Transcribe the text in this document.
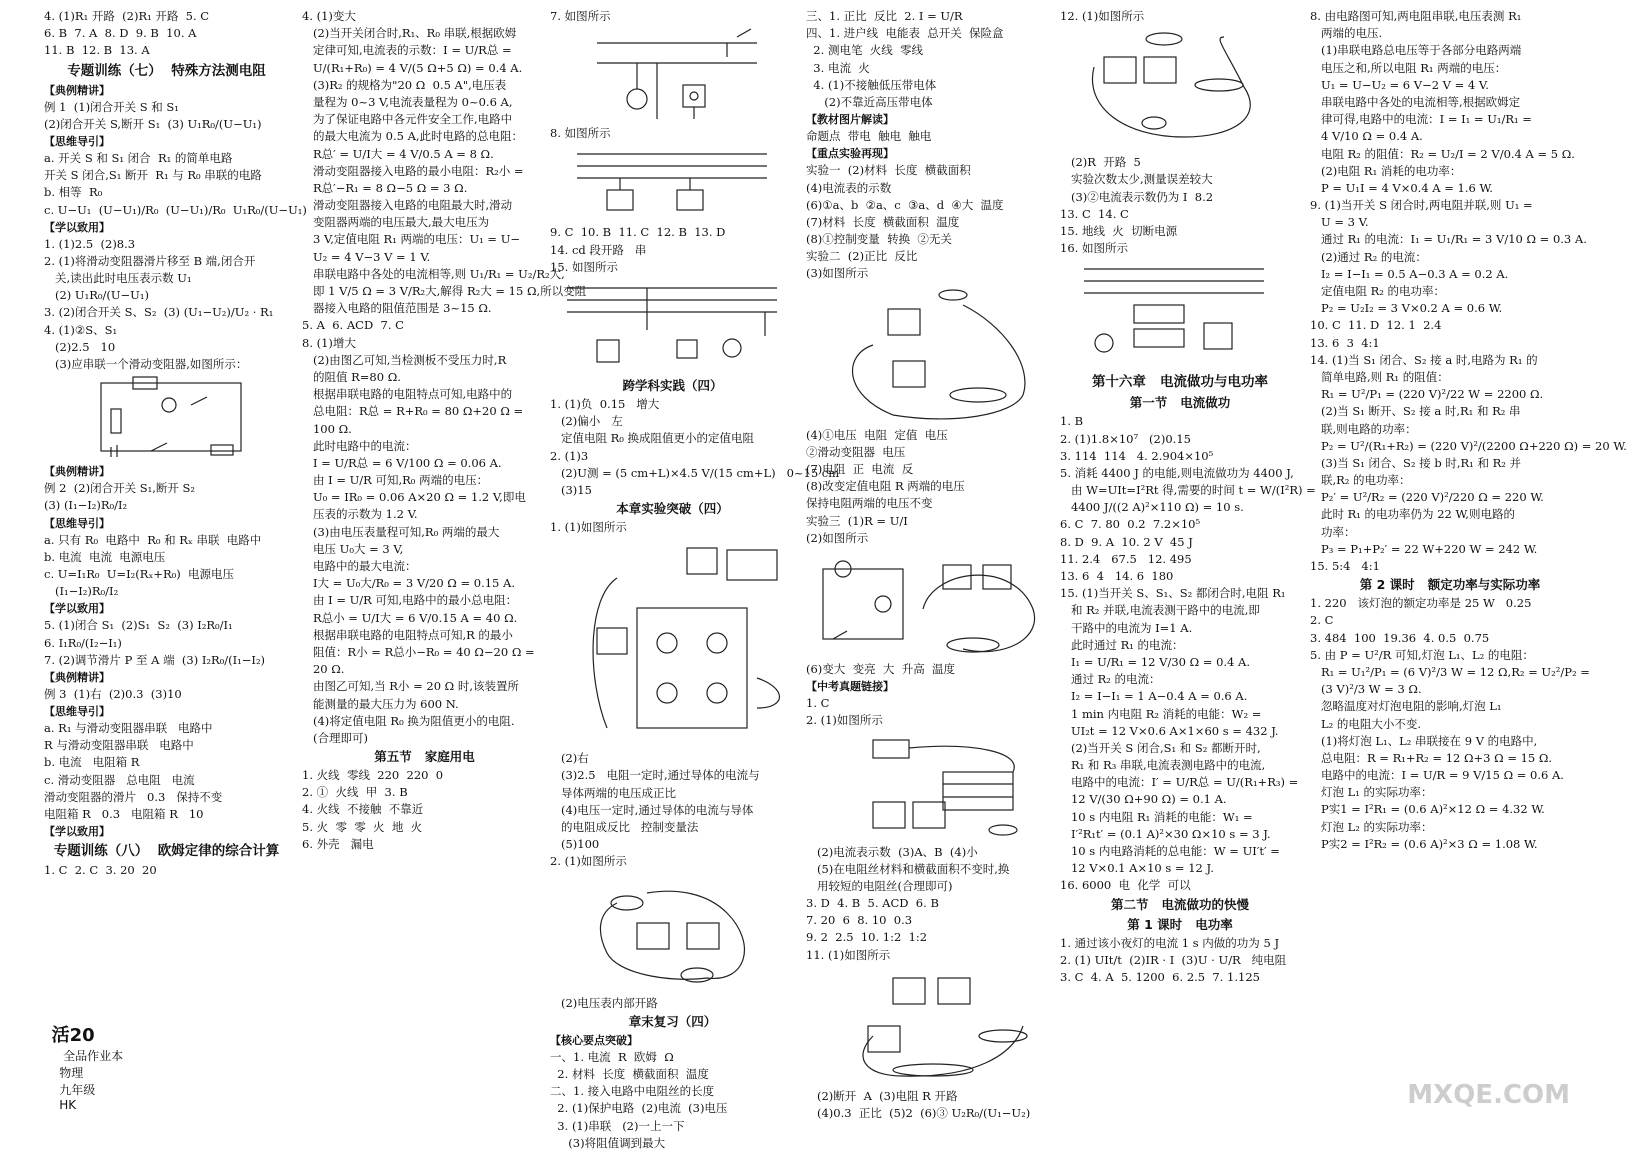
4. (1)R₁ 开路  (2)R₁ 开路  5. C
6. B  7. A  8. D  9. B  10. A
11. B  12. B  13. A
专题训练（七）  特殊方法测电阻
【典例精讲】
例 1  (1)闭合开关 S 和 S₁
(2)闭合开关 S,断开 S₁  (3) U₁R₀/(U−U₁)
【思维导引】
a. 开关 S 和 S₁ 闭合  R₁ 的简单电路
开关 S 闭合,S₁ 断开  R₁ 与 R₀ 串联的电路
b. 相等  R₀
c. U−U₁  (U−U₁)/R₀  (U−U₁)/R₀  U₁R₀/(U−U₁)
【学以致用】
1. (1)2.5  (2)8.3
2. (1)将滑动变阻器滑片移至 B 端,闭合开
关,读出此时电压表示数 U₁
(2) U₁R₀/(U−U₁)
3. (2)闭合开关 S、S₂  (3) (U₁−U₂)/U₂ · R₁
4. (1)②S、S₁
(2)2.5   10
(3)应串联一个滑动变阻器,如图所示：
【典例精讲】
例 2  (2)闭合开关 S₁,断开 S₂
(3) (I₁−I₂)R₀/I₂
【思维导引】
a. 只有 R₀  电路中  R₀ 和 Rₓ 串联  电路中
b. 电流  电流  电源电压
c. U=I₁R₀  U=I₂(Rₓ+R₀)  电源电压
(I₁−I₂)R₀/I₂
【学以致用】
5. (1)闭合 S₁  (2)S₁  S₂  (3) I₂R₀/I₁
6. I₁R₀/(I₂−I₁)
7. (2)调节滑片 P 至 A 端  (3) I₂R₀/(I₁−I₂)
【典例精讲】
例 3  (1)右  (2)0.3  (3)10
【思维导引】
a. R₁ 与滑动变阻器串联   电路中
R 与滑动变阻器串联   电路中
b. 电流   电阻箱 R
c. 滑动变阻器   总电阻   电流
滑动变阻器的滑片   0.3   保持不变
电阻箱 R   0.3   电阻箱 R   10
【学以致用】
专题训练（八）  欧姆定律的综合计算
1. C  2. C  3. 20  20
4. (1)变大
(2)当开关闭合时,R₁、R₀ 串联,根据欧姆
定律可知,电流表的示数：I = U/R总 =
U/(R₁+R₀) = 4 V/(5 Ω+5 Ω) = 0.4 A.
(3)R₂ 的规格为"20 Ω  0.5 A",电压表
量程为 0~3 V,电流表量程为 0~0.6 A,
为了保证电路中各元件安全工作,电路中
的最大电流为 0.5 A,此时电路的总电阻：
R总′ = U/I大 = 4 V/0.5 A = 8 Ω.
滑动变阻器接入电路的最小电阻：R₂小 =
R总′−R₁ = 8 Ω−5 Ω = 3 Ω.
滑动变阻器接入电路的电阻最大时,滑动
变阻器两端的电压最大,最大电压为
3 V,定值电阻 R₁ 两端的电压：U₁ = U−
U₂ = 4 V−3 V = 1 V.
串联电路中各处的电流相等,则 U₁/R₁ = U₂/R₂大,
即 1 V/5 Ω = 3 V/R₂大,解得 R₂大 = 15 Ω,所以变阻
器接入电路的阻值范围是 3~15 Ω.
5. A  6. ACD  7. C
8. (1)增大
(2)由图乙可知,当检测板不受压力时,R
的阻值 R=80 Ω.
根据串联电路的电阻特点可知,电路中的
总电阻：R总 = R+R₀ = 80 Ω+20 Ω =
100 Ω.
此时电路中的电流：
I = U/R总 = 6 V/100 Ω = 0.06 A.
由 I = U/R 可知,R₀ 两端的电压：
U₀ = IR₀ = 0.06 A×20 Ω = 1.2 V,即电
压表的示数为 1.2 V.
(3)由电压表量程可知,R₀ 两端的最大
电压 U₀大 = 3 V,
电路中的最大电流：
I大 = U₀大/R₀ = 3 V/20 Ω = 0.15 A.
由 I = U/R 可知,电路中的最小总电阻：
R总小 = U/I大 = 6 V/0.15 A = 40 Ω.
根据串联电路的电阻特点可知,R 的最小
阻值：R小 = R总小−R₀ = 40 Ω−20 Ω =
20 Ω.
由图乙可知,当 R小 = 20 Ω 时,该装置所
能测量的最大压力为 600 N.
(4)将定值电阻 R₀ 换为阻值更小的电阻.
(合理即可)
第五节   家庭用电
1. 火线  零线  220  220  0
2. ①  火线  甲  3. B
4. 火线  不接触  不靠近
5. 火  零  零  火  地  火
6. 外壳   漏电
7. 如图所示
8. 如图所示
9. C  10. B  11. C  12. B  13. D
14. cd 段开路   串
15. 如图所示
跨学科实践（四）
1. (1)负  0.15   增大
(2)偏小   左
定值电阻 R₀ 换成阻值更小的定值电阻
2. (1)3
(2)U测 = (5 cm+L)×4.5 V/(15 cm+L)   0~15 cm
(3)15
本章实验突破（四）
1. (1)如图所示
(2)右
(3)2.5   电阻一定时,通过导体的电流与
导体两端的电压成正比
(4)电压一定时,通过导体的电流与导体
的电阻成反比   控制变量法
(5)100
2. (1)如图所示
(2)电压表内部开路
章末复习（四）
【核心要点突破】
一、1. 电流  R  欧姆  Ω
2. 材料  长度  横截面积  温度
二、1. 接入电路中电阻丝的长度
2. (1)保护电路  (2)电流  (3)电压
3. (1)串联   (2)一上一下
(3)将阻值调到最大
三、1. 正比  反比  2. I = U/R
四、1. 进户线  电能表  总开关  保险盒
2. 测电笔  火线  零线
3. 电流  火
4. (1)不接触低压带电体
(2)不靠近高压带电体
【教材图片解读】
命题点  带电  触电  触电
【重点实验再现】
实验一  (2)材料  长度  横截面积
(4)电流表的示数
(6)①a、b  ②a、c  ③a、d  ④大  温度
(7)材料  长度  横截面积  温度
(8)①控制变量  转换  ②无关
实验二  (2)正比  反比
(3)如图所示
(4)①电压  电阻  定值  电压
②滑动变阻器  电压
(7)电阻  正  电流  反
(8)改变定值电阻 R 两端的电压
保持电阻两端的电压不变
实验三  (1)R = U/I
(2)如图所示
(6)变大  变亮  大  升高  温度
【中考真题链接】
1. C
2. (1)如图所示
(2)电流表示数  (3)A、B  (4)小
(5)在电阻丝材料和横截面积不变时,换
用较短的电阻丝(合理即可)
3. D  4. B  5. ACD  6. B
7. 20  6  8. 10  0.3
9. 2  2.5  10. 1:2  1:2
11. (1)如图所示
(2)断开  A  (3)电阻 R 开路
(4)0.3  正比  (5)2  (6)③ U₂R₀/(U₁−U₂)
12. (1)如图所示
(2)R  开路  5
实验次数太少,测量误差较大
(3)②电流表示数仍为 I  8.2
13. C  14. C
15. 地线  火  切断电源
16. 如图所示
第十六章   电流做功与电功率
第一节   电流做功
1. B
2. (1)1.8×10⁷   (2)0.15
3. 114  114   4. 2.904×10⁵
5. 消耗 4400 J 的电能,则电流做功为 4400 J,
由 W=UIt=I²Rt 得,需要的时间 t = W/(I²R) =
4400 J/((2 A)²×110 Ω) = 10 s.
6. C  7. 80  0.2  7.2×10⁵
8. D  9. A  10. 2 V  45 J
11. 2.4   67.5   12. 495
13. 6  4   14. 6  180
15. (1)当开关 S、S₁、S₂ 都闭合时,电阻 R₁
和 R₂ 并联,电流表测干路中的电流,即
干路中的电流为 I=1 A.
此时通过 R₁ 的电流：
I₁ = U/R₁ = 12 V/30 Ω = 0.4 A.
通过 R₂ 的电流：
I₂ = I−I₁ = 1 A−0.4 A = 0.6 A.
1 min 内电阻 R₂ 消耗的电能：W₂ =
UI₂t = 12 V×0.6 A×1×60 s = 432 J.
(2)当开关 S 闭合,S₁ 和 S₂ 都断开时,
R₁ 和 R₃ 串联,电流表测电路中的电流,
电路中的电流：I′ = U/R总 = U/(R₁+R₃) =
12 V/(30 Ω+90 Ω) = 0.1 A.
10 s 内电阻 R₁ 消耗的电能：W₁ =
I′²R₁t′ = (0.1 A)²×30 Ω×10 s = 3 J.
10 s 内电路消耗的总电能：W = UI′t′ =
12 V×0.1 A×10 s = 12 J.
16. 6000  电  化学  可以
第二节   电流做功的快慢
第 1 课时   电功率
1. 通过该小夜灯的电流 1 s 内做的功为 5 J
2. (1) UIt/t  (2)IR · I  (3)U · U/R   纯电阻
3. C  4. A  5. 1200  6. 2.5  7. 1.125
8. 由电路图可知,两电阻串联,电压表测 R₁
两端的电压.
(1)串联电路总电压等于各部分电路两端
电压之和,所以电阻 R₁ 两端的电压：
U₁ = U−U₂ = 6 V−2 V = 4 V.
串联电路中各处的电流相等,根据欧姆定
律可得,电路中的电流：I = I₁ = U₁/R₁ =
4 V/10 Ω = 0.4 A.
电阻 R₂ 的阻值：R₂ = U₂/I = 2 V/0.4 A = 5 Ω.
(2)电阻 R₁ 消耗的电功率：
P = U₁I = 4 V×0.4 A = 1.6 W.
9. (1)当开关 S 闭合时,两电阻并联,则 U₁ =
U = 3 V.
通过 R₁ 的电流：I₁ = U₁/R₁ = 3 V/10 Ω = 0.3 A.
(2)通过 R₂ 的电流：
I₂ = I−I₁ = 0.5 A−0.3 A = 0.2 A.
定值电阻 R₂ 的电功率：
P₂ = U₂I₂ = 3 V×0.2 A = 0.6 W.
10. C  11. D  12. 1  2.4
13. 6  3  4:1
14. (1)当 S₁ 闭合、S₂ 接 a 时,电路为 R₁ 的
简单电路,则 R₁ 的阻值：
R₁ = U²/P₁ = (220 V)²/22 W = 2200 Ω.
(2)当 S₁ 断开、S₂ 接 a 时,R₁ 和 R₂ 串
联,则电路的功率：
P₂ = U²/(R₁+R₂) = (220 V)²/(2200 Ω+220 Ω) = 20 W.
(3)当 S₁ 闭合、S₂ 接 b 时,R₁ 和 R₂ 并
联,R₂ 的电功率：
P₂′ = U²/R₂ = (220 V)²/220 Ω = 220 W.
此时 R₁ 的电功率仍为 22 W,则电路的
功率：
P₃ = P₁+P₂′ = 22 W+220 W = 242 W.
15. 5:4   4:1
第 2 课时   额定功率与实际功率
1. 220   该灯泡的额定功率是 25 W   0.25
2. C
3. 484  100  19.36  4. 0.5  0.75
5. 由 P = U²/R 可知,灯泡 L₁、L₂ 的电阻：
R₁ = U₁²/P₁ = (6 V)²/3 W = 12 Ω,R₂ = U₂²/P₂ =
(3 V)²/3 W = 3 Ω.
忽略温度对灯泡电阻的影响,灯泡 L₁
L₂ 的电阻大小不变.
(1)将灯泡 L₁、L₂ 串联接在 9 V 的电路中,
总电阻：R = R₁+R₂ = 12 Ω+3 Ω = 15 Ω.
电路中的电流：I = U/R = 9 V/15 Ω = 0.6 A.
灯泡 L₁ 的实际功率：
P实1 = I²R₁ = (0.6 A)²×12 Ω = 4.32 W.
灯泡 L₂ 的实际功率：
P实2 = I²R₂ = (0.6 A)²×3 Ω = 1.08 W.

活20
全品作业本
物理
九年级
HK	MXQE.COM
